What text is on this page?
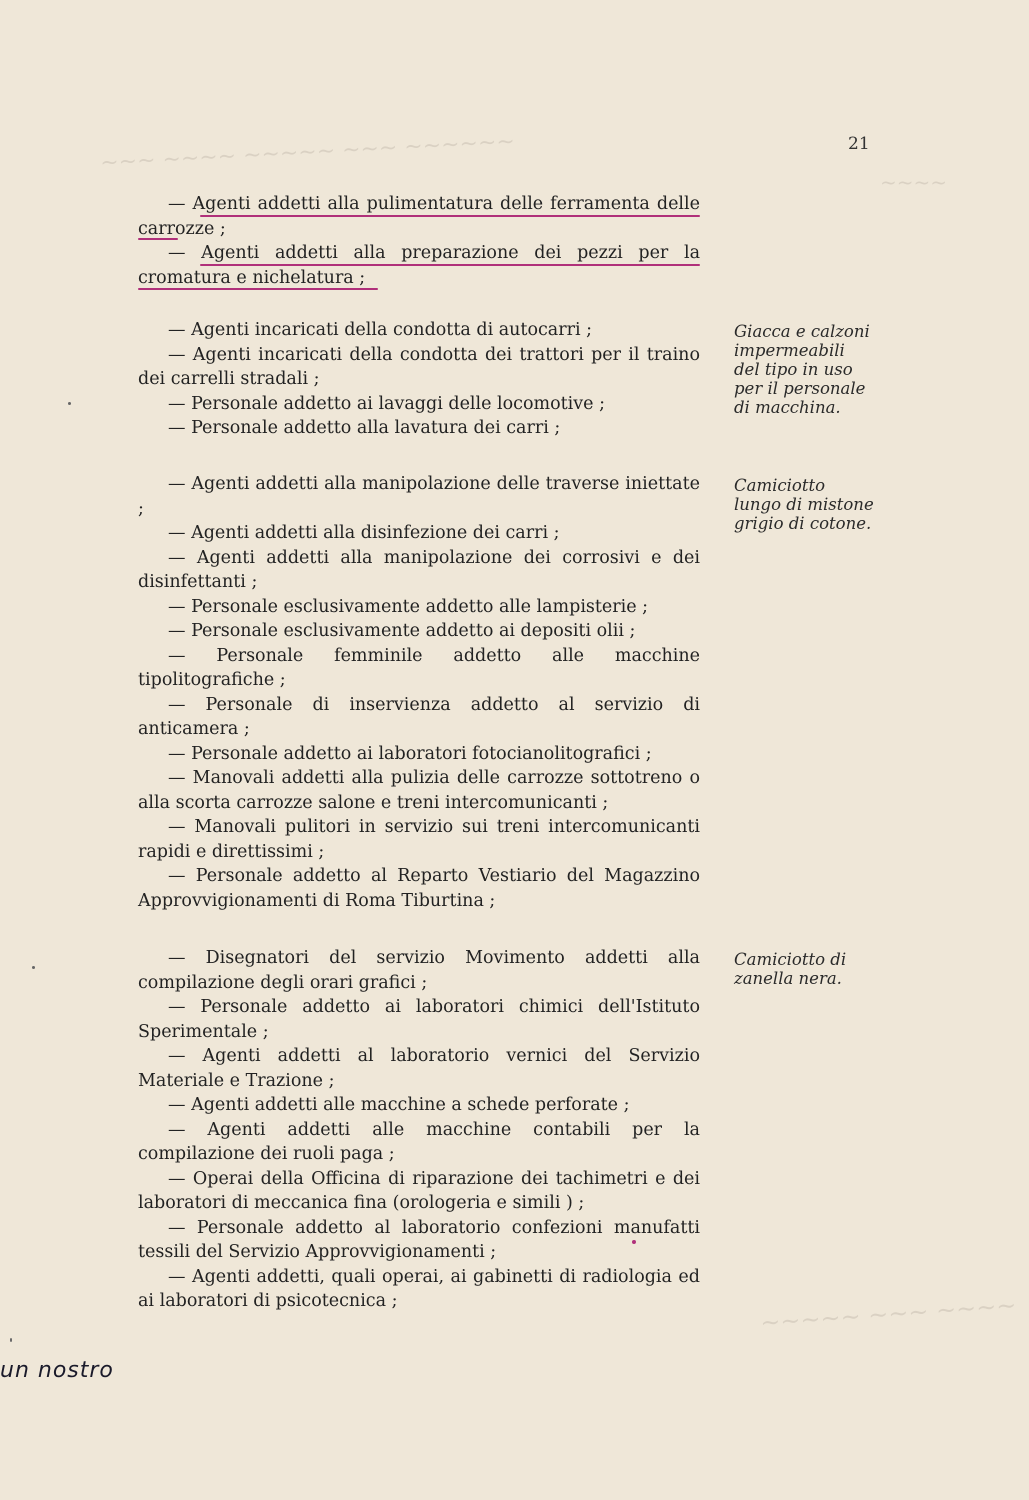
~~~ ~~~~ ~~~~~ ~~~ ~~~~~~
~~~~
~~~~~ ~~~ ~~~~
21

— Agenti addetti alla pulimentatura delle ferramenta delle carrozze ;

— Agenti addetti alla preparazione dei pezzi per la cromatura e nichelatura ;

— Agenti incaricati della condotta di autocarri ;

— Agenti incaricati della condotta dei trattori per il traino dei carrelli stradali ;

— Personale addetto ai lavaggi delle locomotive ;

— Personale addetto alla lavatura dei carri ;

Giacca e calzoni impermeabili del tipo in uso per il personale di macchina.

— Agenti addetti alla manipolazione delle traverse iniettate ;

— Agenti addetti alla disinfezione dei carri ;

— Agenti addetti alla manipolazione dei corrosivi e dei disinfettanti ;

— Personale esclusivamente addetto alle lampisterie ;

— Personale esclusivamente addetto ai depositi olii ;

— Personale femminile addetto alle macchine tipolitografiche ;

— Personale di inservienza addetto al servizio di anticamera ;

— Personale addetto ai laboratori fotocianolitografici ;

— Manovali addetti alla pulizia delle carrozze sottotreno o alla scorta carrozze salone e treni intercomunicanti ;

— Manovali pulitori in servizio sui treni intercomunicanti rapidi e direttissimi ;

— Personale addetto al Reparto Vestiario del Magazzino Approvvigionamenti di Roma Tiburtina ;

Camiciotto lungo di mistone grigio di cotone.

— Disegnatori del servizio Movimento addetti alla compilazione degli orari grafici ;

— Personale addetto ai laboratori chimici dell'Istituto Sperimentale ;

— Agenti addetti al laboratorio vernici del Servizio Materiale e Trazione ;

— Agenti addetti alle macchine a schede perforate ;

— Agenti addetti alle macchine contabili per la compilazione dei ruoli paga ;

— Operai della Officina di riparazione dei tachimetri e dei laboratori di meccanica fina (orologeria e simili ) ;

— Personale addetto al laboratorio confezioni manufatti tessili del Servizio Approvvigionamenti ;

— Agenti addetti, quali operai, ai gabinetti di radiologia ed ai laboratori di psicotecnica ;

Camiciotto di zanella nera.
un nostro
